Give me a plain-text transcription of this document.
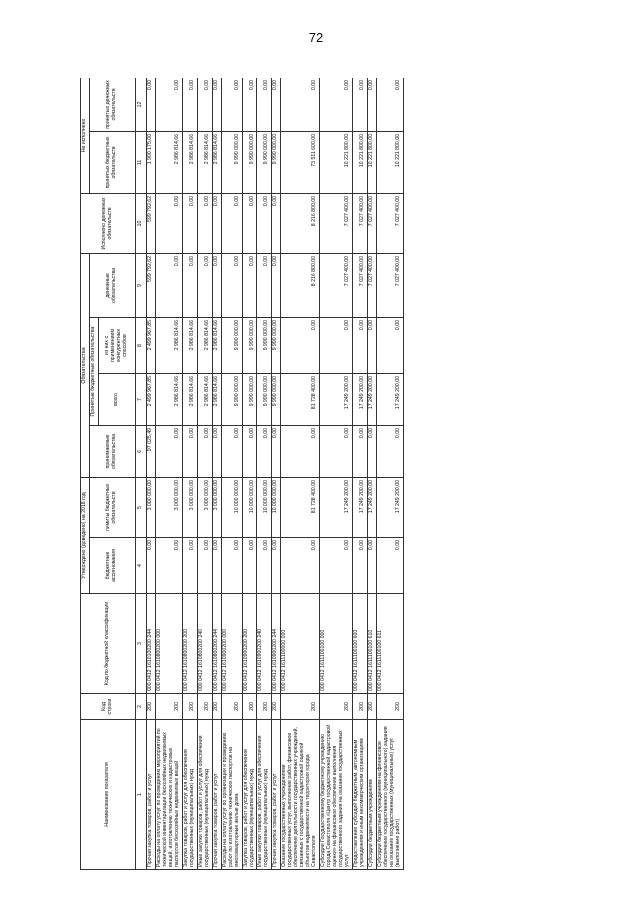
72
Наименование показателя	Код строки	Код по бюджетной классификации	Утверждено (доведено) на 2018 год		Обязательства				Исполнено денежных обязательств	Не исполнено	
			бюджетные ассигнования	лимиты бюджетных обязательств	принимаемые обязательства	Принятые бюджетные обязательства		денежные обязательства		принятых бюджетных обязательств	принятых денежных обязательств
						всего	из них с применением конкурентных способов				
1	2	3	4	5	6	7	8	9	10	11	12
Прочая закупка товаров, работ и услуг	200	000 0412 1610100200 244	0,00	3 000 000,00	97 025,49	2 499 967,85	2 499 967,85	599 792,62	599 792,62	1 900 175,00	0,00
Расходы на оплату услуг по проведению мероприятий по технической инвентаризации бесхозяйных недвижимых вещей, изготовлению технических и кадастровых паспортов бесхозяйных недвижимых вещей	200	000 0412 1610800200 000	0,00	3 000 000,00	0,00	2 986 814,66	2 986 814,66	0,00	0,00	2 986 814,66	0,00
Закупка товаров, работ и услуг для обеспечения государственных (муниципальных) нужд	200	000 0412 1610800200 200	0,00	3 000 000,00	0,00	2 986 814,66	2 986 814,66	0,00	0,00	2 986 814,66	0,00
Иные закупки товаров, работ и услуг для обеспечения государственных (муниципальных) нужд	200	000 0412 1610800200 240	0,00	3 000 000,00	0,00	2 986 814,66	2 986 814,66	0,00	0,00	2 986 814,66	0,00
Прочая закупка товаров, работ и услуг	200	000 0412 1610800200 244	0,00	3 000 000,00	0,00	2 986 814,66	2 986 814,66	0,00	0,00	2 986 814,66	0,00
Расходы на оплату услуг по организации и проведению работ по изготовлению технических паспортов на многоквартирные жилые дома	200	000 0412 1610900200 000	0,00	10 000 000,00	0,00	9 990 000,00	9 990 000,00	0,00	0,00	9 990 000,00	0,00
Закупка товаров, работ и услуг для обеспечения государственных (муниципальных) нужд	200	000 0412 1610900200 200	0,00	10 000 000,00	0,00	9 990 000,00	9 990 000,00	0,00	0,00	9 990 000,00	0,00
Иные закупки товаров, работ и услуг для обеспечения государственных (муниципальных) нужд	200	000 0412 1610900200 240	0,00	10 000 000,00	0,00	9 990 000,00	9 990 000,00	0,00	0,00	9 990 000,00	0,00
Прочая закупка товаров, работ и услуг	200	000 0412 1610900200 244	0,00	10 000 000,00	0,00	9 990 000,00	9 990 000,00	0,00	0,00	9 990 000,00	0,00
Оказание государственных учреждениями государственных услуг, выполнение работ, финансовое обеспечение деятельности государственных учреждений, связанных с государственной кадастровой оценкой объектов недвижимости на территории города Севастополя	200	000 0412 1611100000 000	0,00	81 728 400,00	0,00	81 728 400,00	0,00	8 216 800,00	8 216 800,00	73 511 600,00	0,00
Субсидии Государственному бюджетному учреждению города Севастополя «Центр государственной кадастровой оценки» на финансовое обеспечение выполнения государственного задания на оказание государственных услуг	200	000 0412 1611100100 000	0,00	17 249 200,00	0,00	17 249 200,00	0,00	7 027 400,00	7 027 400,00	10 221 800,00	0,00
Предоставление субсидий бюджетным, автономным учреждениям и иным некоммерческим организациям	200	000 0412 1611100100 600	0,00	17 249 200,00	0,00	17 249 200,00	0,00	7 027 400,00	7 027 400,00	10 221 800,00	0,00
Субсидии бюджетным учреждениям	200	000 0412 1611100100 610	0,00	17 249 200,00	0,00	17 249 200,00	0,00	7 027 400,00	7 027 400,00	10 221 800,00	0,00
Субсидии бюджетным учреждениям на финансовое обеспечение государственного (муниципального) задания на оказание государственных (муниципальных) услуг (выполнение работ)	200	000 0412 1611100100 611	0,00	17 249 200,00	0,00	17 249 200,00	0,00	7 027 400,00	7 027 400,00	10 221 800,00	0,00
